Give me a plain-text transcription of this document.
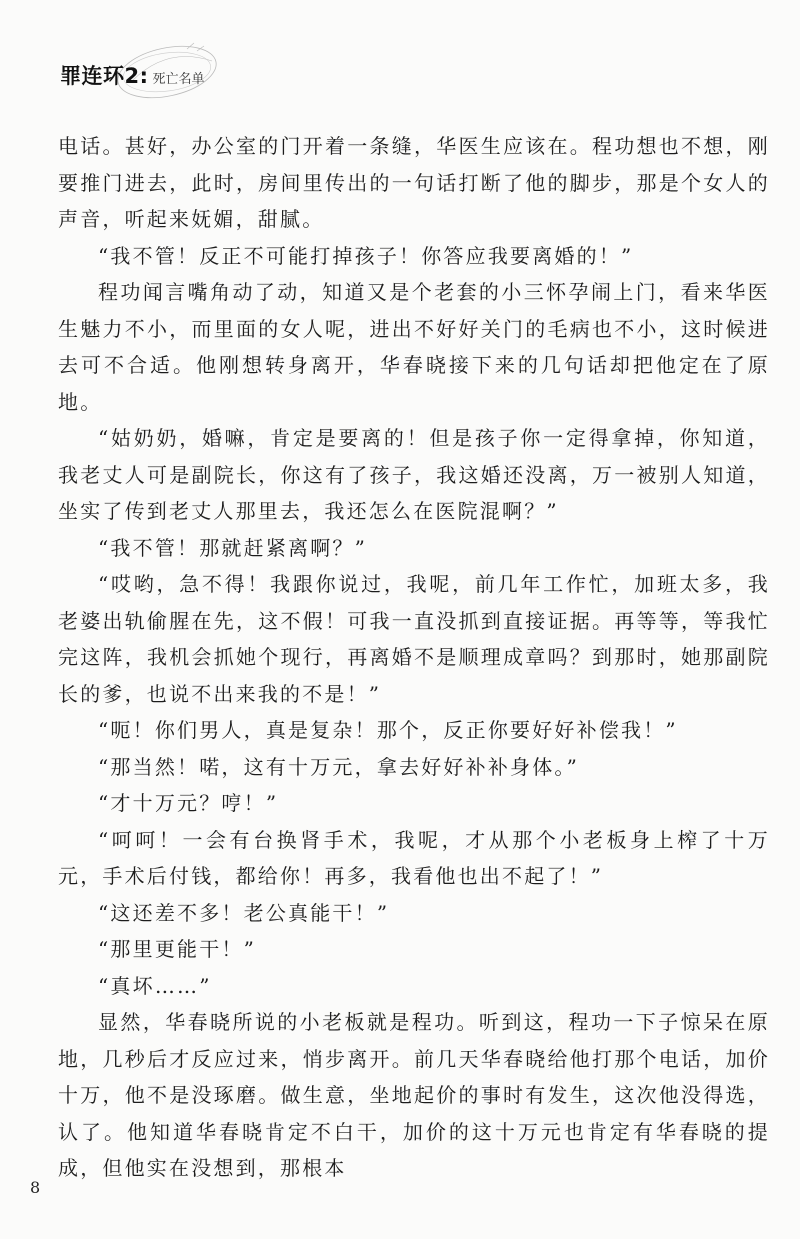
罪连环2: 死亡名单

电话。甚好，办公室的门开着一条缝，华医生应该在。程功想也不想，刚要推门进去，此时，房间里传出的一句话打断了他的脚步，那是个女人的声音，听起来妩媚，甜腻。

“我不管！反正不可能打掉孩子！你答应我要离婚的！”

程功闻言嘴角动了动，知道又是个老套的小三怀孕闹上门，看来华医生魅力不小，而里面的女人呢，进出不好好关门的毛病也不小，这时候进去可不合适。他刚想转身离开，华春晓接下来的几句话却把他定在了原地。

“姑奶奶，婚嘛，肯定是要离的！但是孩子你一定得拿掉，你知道，我老丈人可是副院长，你这有了孩子，我这婚还没离，万一被别人知道，坐实了传到老丈人那里去，我还怎么在医院混啊？”

“我不管！那就赶紧离啊？”

“哎哟，急不得！我跟你说过，我呢，前几年工作忙，加班太多，我老婆出轨偷腥在先，这不假！可我一直没抓到直接证据。再等等，等我忙完这阵，我机会抓她个现行，再离婚不是顺理成章吗？到那时，她那副院长的爹，也说不出来我的不是！”

“呃！你们男人，真是复杂！那个，反正你要好好补偿我！”

“那当然！喏，这有十万元，拿去好好补补身体。”

“才十万元？哼！”

“呵呵！一会有台换肾手术，我呢，才从那个小老板身上榨了十万元，手术后付钱，都给你！再多，我看他也出不起了！”

“这还差不多！老公真能干！”

“那里更能干！”

“真坏……”

显然，华春晓所说的小老板就是程功。听到这，程功一下子惊呆在原地，几秒后才反应过来，悄步离开。前几天华春晓给他打那个电话，加价十万，他不是没琢磨。做生意，坐地起价的事时有发生，这次他没得选，认了。他知道华春晓肯定不白干，加价的这十万元也肯定有华春晓的提成，但他实在没想到，那根本

8
